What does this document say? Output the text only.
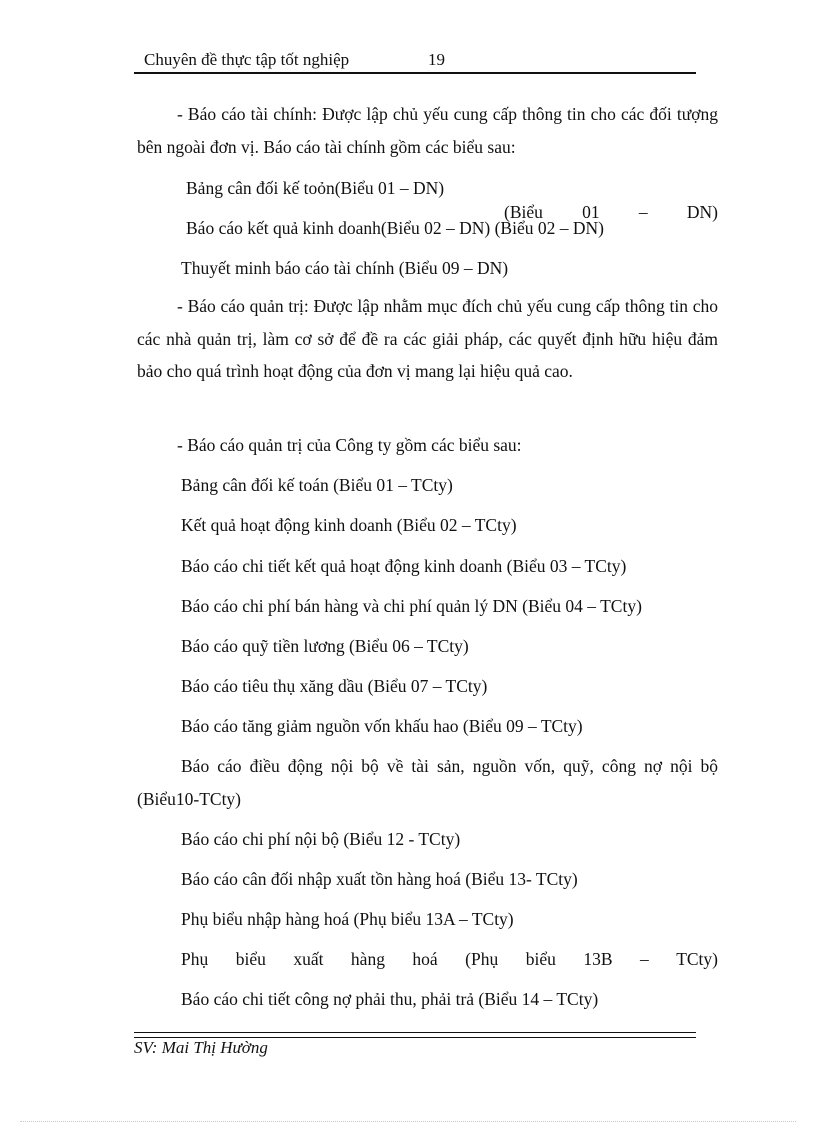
Chuyên đề thực tập tốt nghiệp	19

- Báo cáo tài chính: Được lập chủ yếu cung cấp thông tin cho các đối tượng bên ngoài đơn vị. Báo cáo tài chính gồm các biểu sau:

Bảng cân đối kế toỏn(Biểu 01 – DN)
(Biểu 01 – DN)
Báo cáo kết quả kinh doanh(Biểu 02 – DN) (Biểu 02 – DN)
Thuyết minh báo cáo tài chính (Biểu 09 – DN)

- Báo cáo quản trị: Được lập nhằm mục đích chủ yếu cung cấp thông tin cho các nhà quản trị, làm cơ sở để đề ra các giải pháp, các quyết định hữu hiệu đảm bảo cho quá trình hoạt động của đơn vị mang lại hiệu quả cao.

- Báo cáo quản trị của Công ty gồm các biểu sau:
Bảng cân đối kế toán (Biểu 01 – TCty)
Kết quả hoạt động kinh doanh (Biểu 02 – TCty)
Báo cáo chi tiết kết quả hoạt động kinh doanh (Biểu 03 – TCty)
Báo cáo chi phí bán hàng và chi phí quản lý DN (Biểu 04 – TCty)
Báo cáo quỹ tiền lương (Biểu 06 – TCty)
Báo cáo tiêu thụ xăng dầu (Biểu 07 – TCty)
Báo cáo tăng giảm nguồn vốn khấu hao (Biểu 09 – TCty)
Báo cáo điều động nội bộ về tài sản, nguồn vốn, quỹ, công nợ nội bộ
(Biểu10-TCty)
Báo cáo chi phí nội bộ (Biểu 12 - TCty)
Báo cáo cân đối nhập xuất tồn hàng hoá (Biểu 13- TCty)
Phụ biểu nhập hàng hoá (Phụ biểu 13A – TCty)
Phụ biểu xuất hàng hoá (Phụ biểu 13B – TCty)
Báo cáo chi tiết công nợ phải thu, phải trả (Biểu 14 – TCty)
SV: Mai Thị Hường
